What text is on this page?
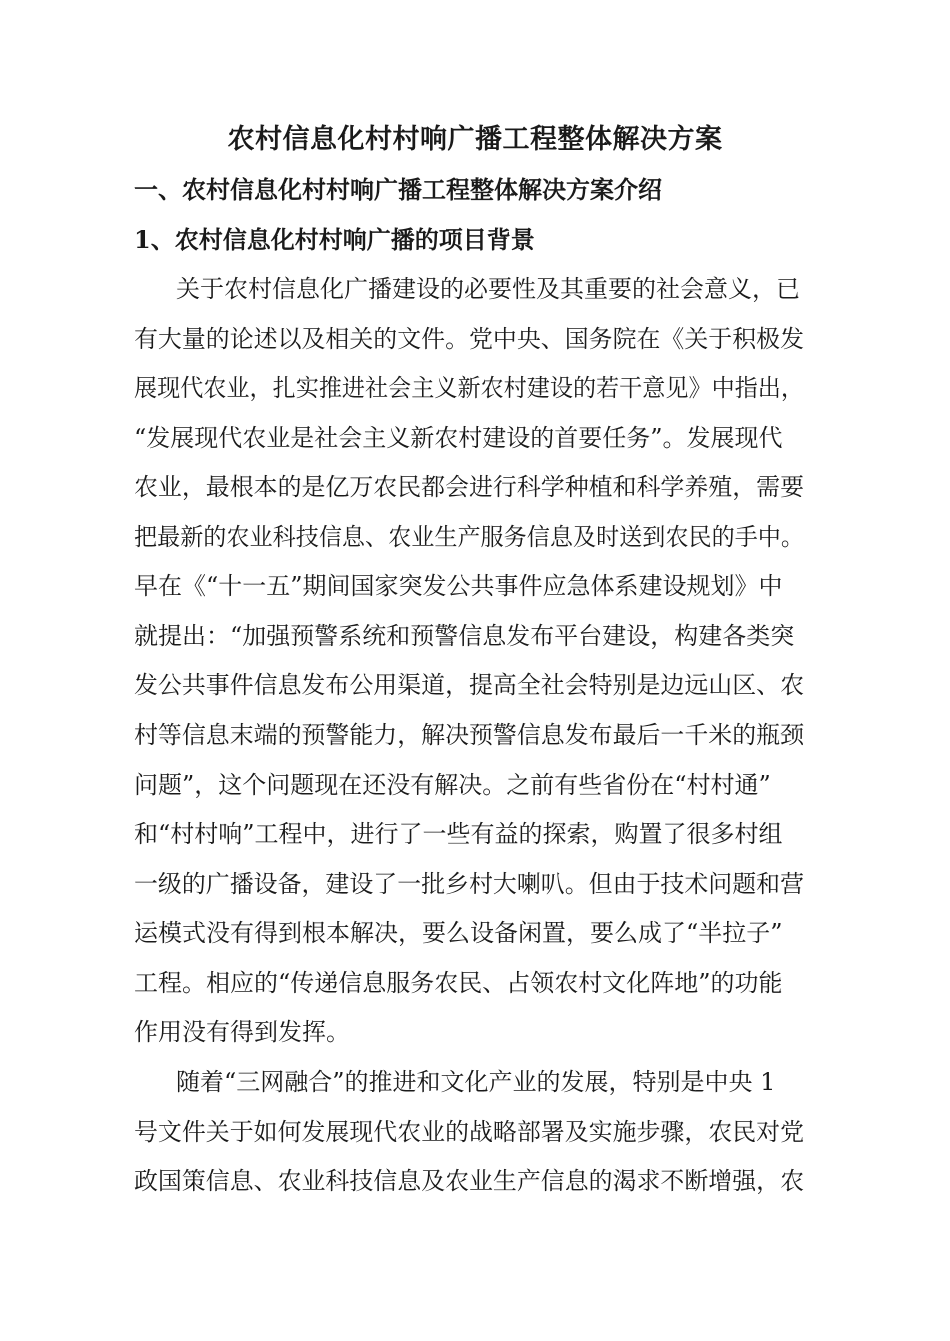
农村信息化村村响广播工程整体解决方案
一、农村信息化村村响广播工程整体解决方案介绍
1、农村信息化村村响广播的项目背景

关于农村信息化广播建设的必要性及其重要的社会意义，已

有大量的论述以及相关的文件。党中央、国务院在《关于积极发

展现代农业，扎实推进社会主义新农村建设的若干意见》中指出，

“发展现代农业是社会主义新农村建设的首要任务”。发展现代

农业，最根本的是亿万农民都会进行科学种植和科学养殖，需要

把最新的农业科技信息、农业生产服务信息及时送到农民的手中。

早在《“十一五”期间国家突发公共事件应急体系建设规划》中

就提出：“加强预警系统和预警信息发布平台建设，构建各类突

发公共事件信息发布公用渠道，提高全社会特别是边远山区、农

村等信息末端的预警能力，解决预警信息发布最后一千米的瓶颈

问题”，这个问题现在还没有解决。之前有些省份在“村村通”

和“村村响”工程中，进行了一些有益的探索，购置了很多村组

一级的广播设备，建设了一批乡村大喇叭。但由于技术问题和营

运模式没有得到根本解决，要么设备闲置，要么成了“半拉子”

工程。相应的“传递信息服务农民、占领农村文化阵地”的功能

作用没有得到发挥。

随着“三网融合”的推进和文化产业的发展，特别是中央 1

号文件关于如何发展现代农业的战略部署及实施步骤，农民对党

政国策信息、农业科技信息及农业生产信息的渴求不断增强，农
